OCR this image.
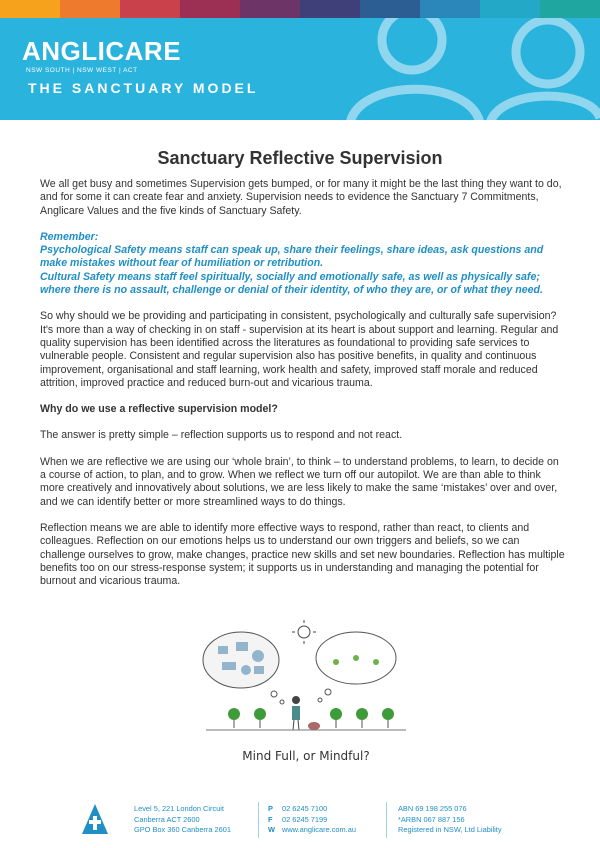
ANGLICARE
NSW SOUTH | NSW WEST | ACT
THE SANCTUARY MODEL
Sanctuary Reflective Supervision

We all get busy and sometimes Supervision gets bumped, or for many it might be the last thing they want to do, and for some it can create fear and anxiety. Supervision needs to evidence the Sanctuary 7 Commitments, Anglicare Values and the five kinds of Sanctuary Safety.

Remember:
Psychological Safety means staff can speak up, share their feelings, share ideas, ask questions and make mistakes without fear of humiliation or retribution.
Cultural Safety means staff feel spiritually, socially and emotionally safe, as well as physically safe; where there is no assault, challenge or denial of their identity, of who they are, or of what they need.

So why should we be providing and participating in consistent, psychologically and culturally safe supervision?
It's more than a way of checking in on staff - supervision at its heart is about support and learning. Regular and quality supervision has been identified across the literatures as foundational to providing safe services to vulnerable people. Consistent and regular supervision also has positive benefits, in quality and continuous improvement, organisational and staff learning, work health and safety, improved staff morale and reduced attrition, improved practice and reduced burn-out and vicarious trauma.

Why do we use a reflective supervision model?

The answer is pretty simple – reflection supports us to respond and not react.

When we are reflective we are using our ‘whole brain’, to think – to understand problems, to learn, to decide on a course of action, to plan, and to grow. When we reflect we turn off our autopilot. We are than able to think more creatively and innovatively about solutions, we are less likely to make the same ‘mistakes’ over and over, and we can identify better or more streamlined ways to do things.

Reflection means we are able to identify more effective ways to respond, rather than react, to clients and colleagues. Reflection on our emotions helps us to understand our own triggers and beliefs, so we can challenge ourselves to grow, make changes, practice new skills and set new boundaries. Reflection has multiple benefits too on our stress-response system; it supports us in understanding and managing the potential for burnout and vicarious trauma.

Mind Full, or Mindful?
Level 5, 221 London Circuit
Canberra ACT 2600
GPO Box 360 Canberra 2601
P 02 6245 7100
F 02 6245 7199
W www.anglicare.com.au
ABN 69 198 255 076
*ARBN 067 887 156
Registered in NSW, Ltd Liability
